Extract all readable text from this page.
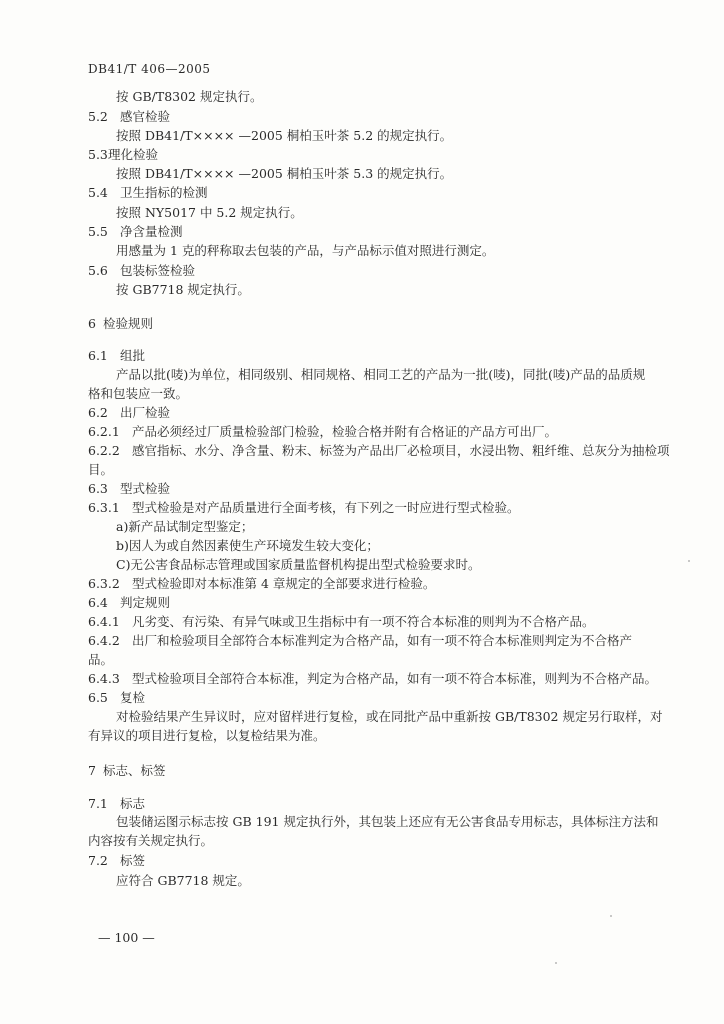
DB41/T 406—2005
按 GB/T8302 规定执行。
5.2 感官检验
按照 DB41/T×××× —2005 桐柏玉叶茶 5.2 的规定执行。
5.3 理化检验
按照 DB41/T×××× —2005 桐柏玉叶茶 5.3 的规定执行。
5.4 卫生指标的检测
按照 NY5017 中 5.2 规定执行。
5.5 净含量检测
用感量为 1 克的秤称取去包装的产品，与产品标示值对照进行测定。
5.6 包装标签检验
按 GB7718 规定执行。
6 检验规则
6.1 组批
产品以批(唛)为单位，相同级别、相同规格、相同工艺的产品为一批(唛)，同批(唛)产品的品质规
格和包装应一致。
6.2 出厂检验
6.2.1 产品必须经过厂质量检验部门检验，检验合格并附有合格证的产品方可出厂。
6.2.2 感官指标、水分、净含量、粉末、标签为产品出厂必检项目，水浸出物、粗纤维、总灰分为抽检项
目。
6.3 型式检验
6.3.1 型式检验是对产品质量进行全面考核，有下列之一时应进行型式检验。
a)新产品试制定型鉴定；
b)因人为或自然因素使生产环境发生较大变化；
C)无公害食品标志管理或国家质量监督机构提出型式检验要求时。
6.3.2 型式检验即对本标准第 4 章规定的全部要求进行检验。
6.4 判定规则
6.4.1 凡劣变、有污染、有异气味或卫生指标中有一项不符合本标准的则判为不合格产品。
6.4.2 出厂和检验项目全部符合本标准判定为合格产品，如有一项不符合本标准则判定为不合格产
品。
6.4.3 型式检验项目全部符合本标准，判定为合格产品，如有一项不符合本标准，则判为不合格产品。
6.5 复检
对检验结果产生异议时，应对留样进行复检，或在同批产品中重新按 GB/T8302 规定另行取样，对
有异议的项目进行复检，以复检结果为准。
7 标志、标签
7.1 标志
包装储运图示标志按 GB 191 规定执行外，其包装上还应有无公害食品专用标志，具体标注方法和
内容按有关规定执行。
7.2 标签
应符合 GB7718 规定。
— 100 —
